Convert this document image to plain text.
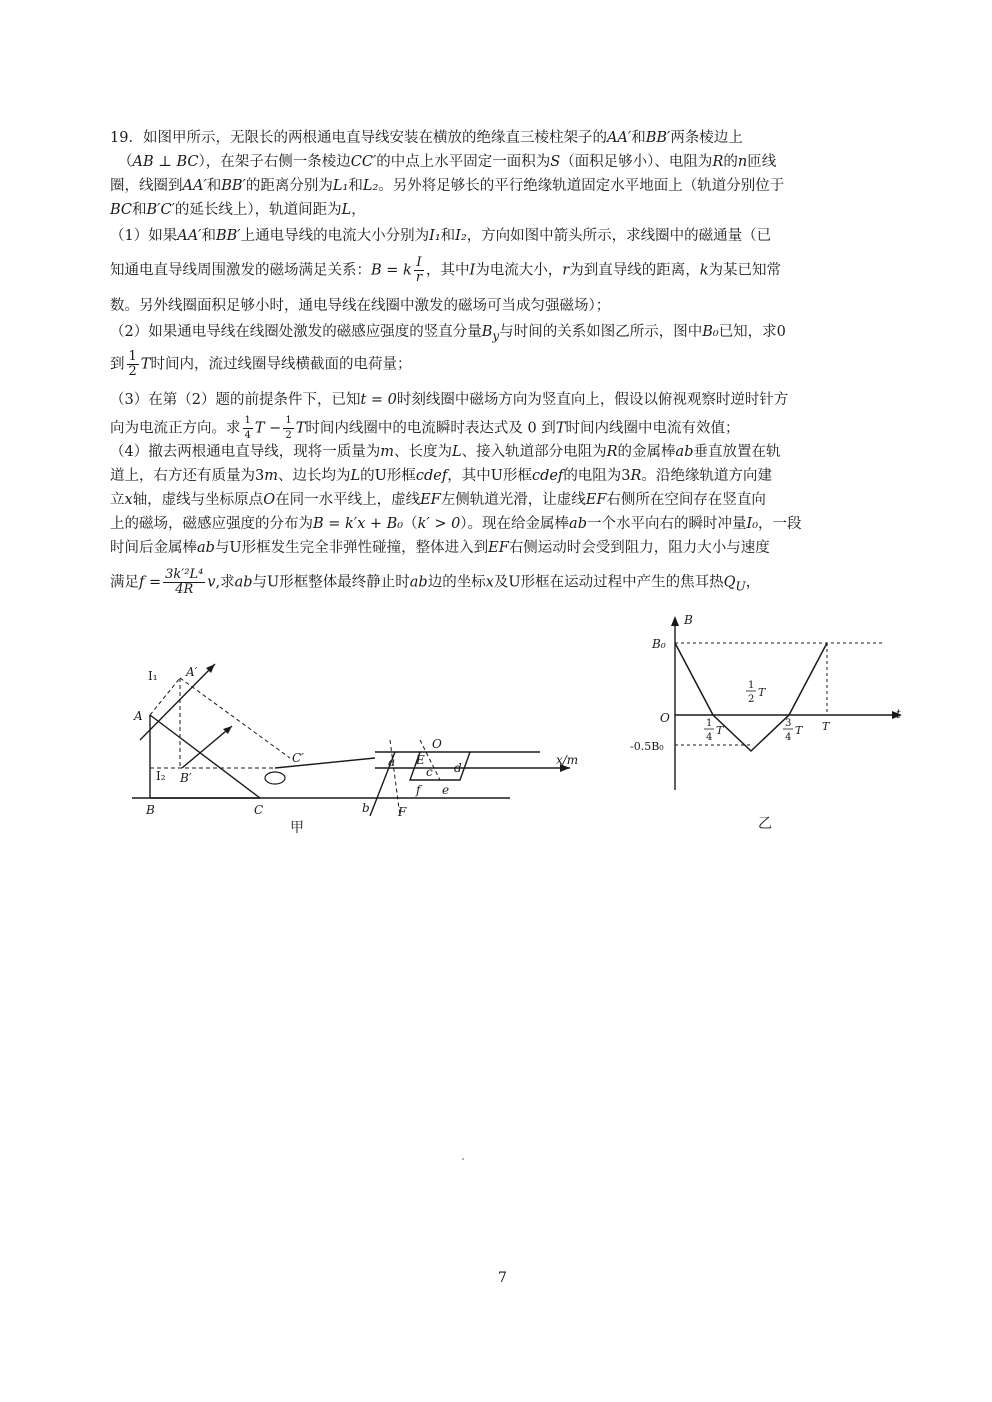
19．如图甲所示，无限长的两根通电直导线安装在横放的绝缘直三棱柱架子的AA′和BB′两条棱边上
（AB ⊥ BC），在架子右侧一条棱边CC′的中点上水平固定一面积为S（面积足够小）、电阻为R的n匝线
圈，线圈到AA′和BB′的距离分别为L₁和L₂。另外将足够长的平行绝缘轨道固定水平地面上（轨道分别位于
BC和B′C′的延长线上），轨道间距为L，
（1）如果AA′和BB′上通电导线的电流大小分别为I₁和I₂，方向如图中箭头所示，求线圈中的磁通量（已
知通电直导线周围激发的磁场满足关系：B = k $\frac{I}{r}$ ，其中I为电流大小，r为到直导线的距离，k为某已知常
数。另外线圈面积足够小时，通电导线在线圈中激发的磁场可当成匀强磁场）；
（2）如果通电导线在线圈处激发的磁感应强度的竖直分量$B_y$与时间的关系如图乙所示，图中B₀已知，求0
到 $\frac{1}{2}$ T时间内，流过线圈导线横截面的电荷量；
（3）在第（2）题的前提条件下，已知t = 0时刻线圈中磁场方向为竖直向上，假设以俯视观察时逆时针方
向为电流正方向。求 $\frac{1}{4}$ $T - \frac{1}{2}$ T时间内线圈中的电流瞬时表达式及 0 到T时间内线圈中电流有效值；
（4）撤去两根通电直导线，现将一质量为m、长度为L、接入轨道部分电阻为R的金属棒ab垂直放置在轨
道上，右方还有质量为3m、边长均为L的U形框cdef，其中U形框cdef的电阻为3R。沿绝缘轨道方向建
立x轴，虚线与坐标原点O在同一水平线上，虚线EF左侧轨道光滑，让虚线EF右侧所在空间存在竖直向
上的磁场，磁感应强度的分布为B = k′x + B₀（k′ > 0）。现在给金属棒ab一个水平向右的瞬时冲量I₀，一段
时间后金属棒ab与U形框发生完全非弹性碰撞，整体进入到EF右侧运动时会受到阻力，阻力大小与速度
满足$f = \frac{\text{3k′²L⁴}}{4R} v$,求ab与U形框整体最终静止时ab边的坐标x及U形框在运动过程中产生的焦耳热$Q_U$，
I₁
A
A′
I₂ B′
B	C
C′
O
x/m
a
b
E
F
c d
e
f
甲
B
B₀
O	t
-0.5B₀
1
4
T
1
2
T
3
4
T T
乙
7
